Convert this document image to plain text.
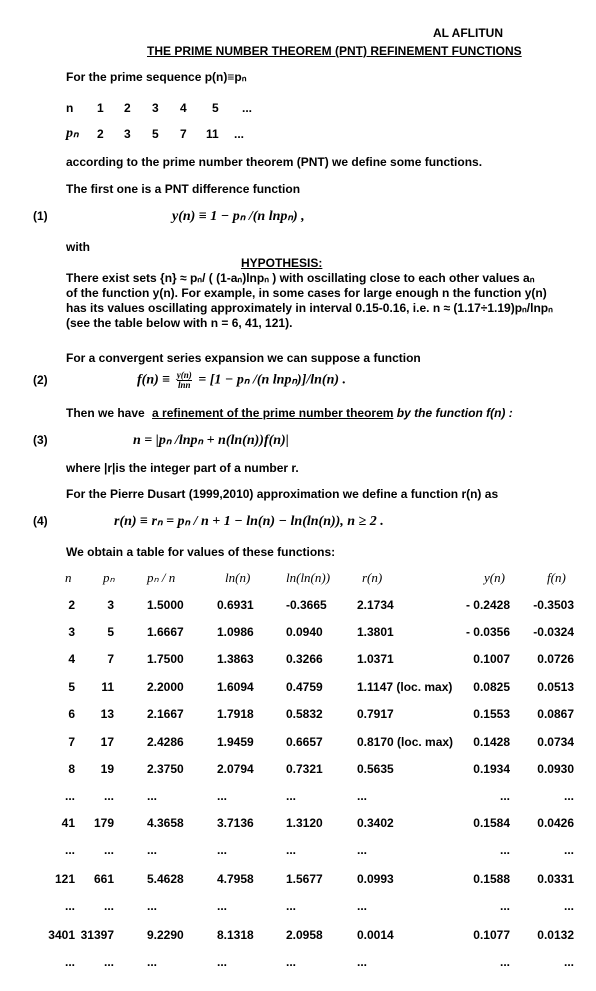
AL AFLITUN
THE PRIME NUMBER THEOREM (PNT) REFINEMENT FUNCTIONS
For the prime sequence p(n)≡pₙ
n 1 2 3 4 5 ...
pₙ 2 3 5 7 11 ...
according to the prime number theorem (PNT) we define some functions.
The first one is a PNT difference function
(1)	y(n) ≡ 1 − pₙ /(n lnpₙ) ,
with
HYPOTHESIS:
There exist sets {n} ≈ pₙ/ ( (1-aₙ)lnpₙ ) with oscillating close to each other values aₙ
of the function y(n). For example, in some cases for large enough n the function y(n)
has its values oscillating approximately in interval 0.15-0.16, i.e. n ≈ (1.17÷1.19)pₙ/lnpₙ
(see the table below with n = 6, 41, 121).
For a convergent series expansion we can suppose a function
(2)	$f(n) \equiv \frac{y(n)}{\ln n} = [1 - p_n$ /(n lnpₙ)]/ln(n) .
Then we have a refinement of the prime number theorem by the function f(n) :
(3)	n = |pₙ /lnpₙ + n(ln(n))f(n)|
where |r|is the integer part of a number r.
For the Pierre Dusart (1999,2010) approximation we define a function r(n) as
(4)	r(n) ≡ rₙ = pₙ / n + 1 − ln(n) − ln(ln(n)), n ≥ 2 .
We obtain a table for values of these functions:
n pₙ pₙ / n	ln(n)	ln(ln(n)) r(n)	y(n)	f(n)
2	3	1.5000	0.6931	-0.3665	2.1734	- 0.2428 -0.3503
3	5	1.6667	1.0986	0.0940	1.3801	- 0.0356 -0.0324
4	7	1.7500	1.3863	0.3266	1.0371	0.1007 0.0726
5 11	2.2000	1.6094	0.4759	1.1147 (loc. max) 0.0825 0.0513
6 13	2.1667	1.7918	0.5832	0.7917	0.1553 0.0867
7 17	2.4286	1.9459	0.6657	0.8170 (loc. max) 0.1428 0.0734
8 19	2.3750	2.0794	0.7321	0.5635	0.1934 0.0930
... ...	...	...	...	...	...	...
41 179	4.3658	3.7136	1.3120	0.3402	0.1584 0.0426
... ...	...	...	...	...	...	...
121 661	5.4628	4.7958	1.5677	0.0993	0.1588 0.0331
... ...	...	...	...	...	...	...
3401 31397	9.2290	8.1318	2.0958	0.0014	0.1077 0.0132
... ...	...	...	...	...	...	...
